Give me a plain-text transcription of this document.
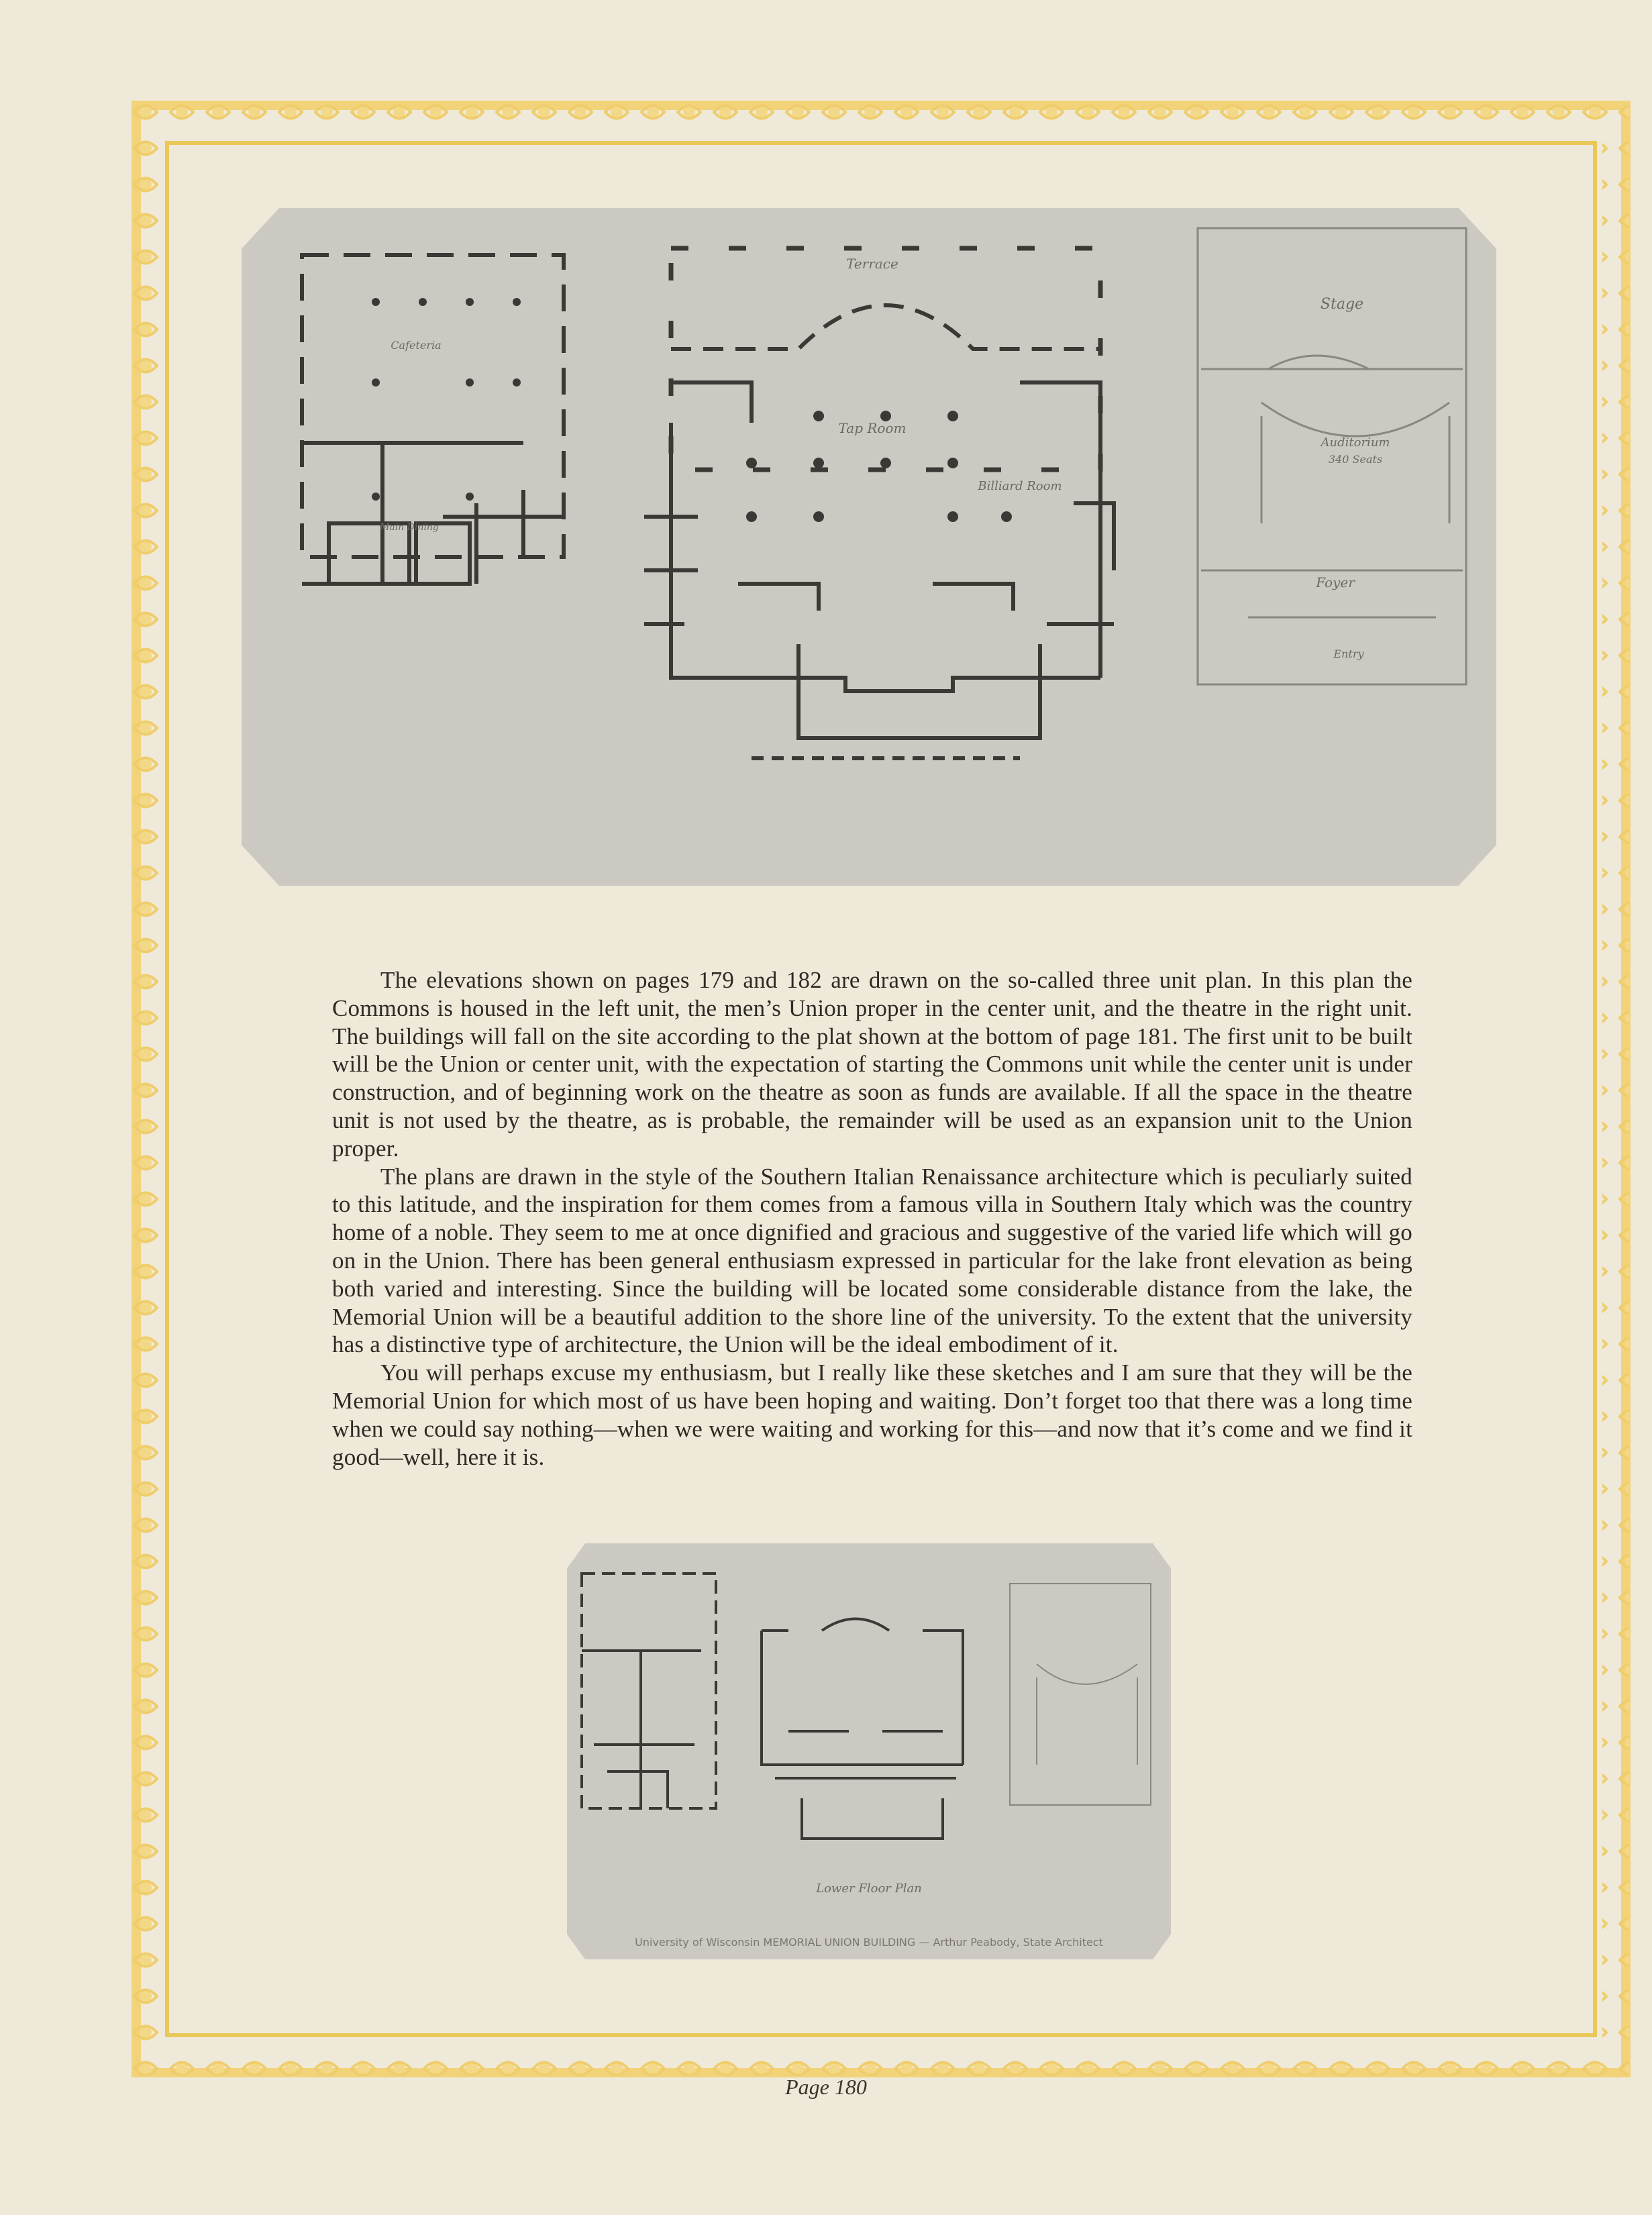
Terrace
Tap Room
Billiard Room
Stage
Auditorium
340 Seats
Foyer
Entry
Cafeteria
Main Dining

The elevations shown on pages 179 and 182 are drawn on the so-called three unit plan. In this plan the Commons is housed in the left unit, the men’s Union proper in the center unit, and the theatre in the right unit. The buildings will fall on the site according to the plat shown at the bottom of page 181. The first unit to be built will be the Union or center unit, with the expectation of starting the Commons unit while the center unit is under construction, and of beginning work on the theatre as soon as funds are available. If all the space in the theatre unit is not used by the theatre, as is probable, the remainder will be used as an expansion unit to the Union proper.

The plans are drawn in the style of the Southern Italian Renaissance architecture which is peculiarly suited to this latitude, and the inspiration for them comes from a famous villa in Southern Italy which was the country home of a noble. They seem to me at once dignified and gracious and suggestive of the varied life which will go on in the Union. There has been general enthusiasm expressed in particular for the lake front elevation as being both varied and interesting. Since the building will be located some considerable distance from the lake, the Memorial Union will be a beautiful addition to the shore line of the university. To the extent that the university has a distinctive type of architecture, the Union will be the ideal embodiment of it.

You will perhaps excuse my enthusiasm, but I really like these sketches and I am sure that they will be the Memorial Union for which most of us have been hoping and waiting. Don’t forget too that there was a long time when we could say nothing—when we were waiting and working for this—and now that it’s come and we find it good—well, here it is.

Lower Floor Plan
University of Wisconsin MEMORIAL UNION BUILDING — Arthur Peabody, State Architect
Page 180
